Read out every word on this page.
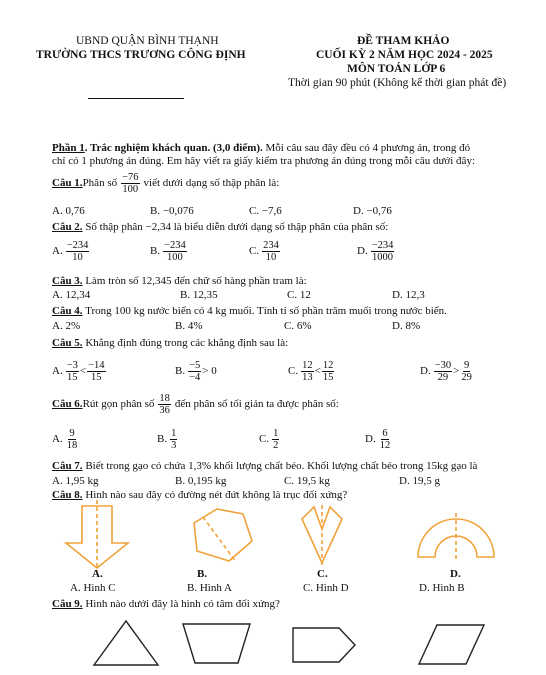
UBND QUẬN BÌNH THẠNH
TRƯỜNG THCS TRƯƠNG CÔNG ĐỊNH
ĐỀ THAM KHẢO
CUỐI KỲ 2 NĂM HỌC 2024 - 2025
MÔN TOÁN LỚP 6
Thời gian 90 phút (Không kể thời gian phát đề)
Phần 1. Trắc nghiệm khách quan. (3,0 điểm). Mỗi câu sau đây đều có 4 phương án, trong đó
chỉ có 1 phương án đúng. Em hãy viết ra giấy kiểm tra phương án đúng trong mỗi câu dưới đây:
Câu 1. Phân số $\frac{-76}{100}$ viết dưới dạng số thập phân là:
A. 0,76	B. −0,076	C. −7,6	D. −0,76
Câu 2. Số thập phân −2,34 là biểu diễn dưới dạng số thập phân của phân số:
A. $\frac{-234}{10}$	B. $\frac{-234}{100}$	C. $\frac{234}{10}$	D. $\frac{-234}{1000}$
Câu 3. Làm tròn số 12,345 đến chữ số hàng phần tram là:
A. 12,34	B. 12,35	C. 12	D. 12,3
Câu 4. Trong 100 kg nước biển có 4 kg muối. Tính tỉ số phần trăm muối trong nước biển.
A. 2%	B. 4%	C. 6%	D. 8%
Câu 5. Khẳng định đúng trong các khẳng định sau là:
A. $\frac{-3}{15} < \frac{-14}{15}$	B. $\frac{-5}{-4} > 0$	C. $\frac{12}{13} < \frac{12}{15}$	D. $\frac{-30}{29} > \frac{9}{29}$
Câu 6. Rút gọn phân số $\frac{18}{36}$ đến phân số tối giản ta được phân số:
A. $\frac{9}{18}$	B. $\frac{1}{3}$	C. $\frac{1}{2}$	D. $\frac{6}{12}$
Câu 7. Biết trong gạo có chứa 1,3% khối lượng chất béo. Khối lượng chất béo trong 15kg gạo là
A. 1,95 kg	B. 0,195 kg	C. 19,5 kg	D. 19,5 g
Câu 8. Hình nào sau đây có đường nét đứt không là trục đối xứng?
A.	B.	C.	D.
A. Hình C	B. Hình A	C. Hình D	D. Hình B
Câu 9. Hình nào dưới đây là hình có tâm đối xứng?
